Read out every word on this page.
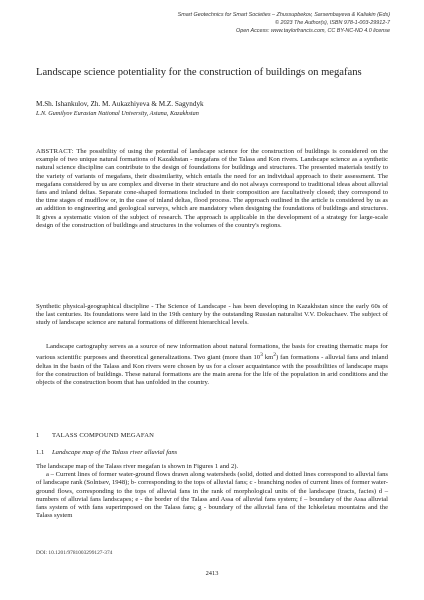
Smart Geotechnics for Smart Societies – Zhussupbekov, Sarsembayeva & Kaliakin (Eds)
© 2023 The Author(s), ISBN 978-1-003-29912-7
Open Access: www.taylorfrancis.com, CC BY-NC-ND 4.0 license
Landscape science potentiality for the construction of buildings on megafans
M.Sh. Ishankulov, Zh. M. Aukazhiyeva & M.Z. Sagyndyk
L.N. Gumilyov Eurasian National University, Astana, Kazakhstan
ABSTRACT: The possibility of using the potential of landscape science for the construction of buildings is considered on the example of two unique natural formations of Kazakhstan - megafans of the Talass and Kon rivers. Landscape science as a synthetic natural science discipline can contribute to the design of foundations for buildings and structures. The presented materials testify to the variety of variants of megafans, their dissimilarity, which entails the need for an individual approach to their assessment. The megafans considered by us are complex and diverse in their structure and do not always correspond to traditional ideas about alluvial fans and inland deltas. Separate cone-shaped formations included in their composition are facultatively closed; they correspond to the time stages of mudflow or, in the case of inland deltas, flood process. The approach outlined in the article is considered by us as an addition to engineering and geological surveys, which are mandatory when designing the foundations of buildings and structures. It gives a systematic vision of the subject of research. The approach is applicable in the development of a strategy for large-scale design of the construction of buildings and structures in the volumes of the country's regions.

Synthetic physical-geographical discipline - The Science of Landscape - has been developing in Kazakhstan since the early 60s of the last centuries. Its foundations were laid in the 19th century by the outstanding Russian naturalist V.V. Dokuchaev. The subject of study of landscape science are natural formations of different hierarchical levels.

Landscape cartography serves as a source of new information about natural formations, the basis for creating thematic maps for various scientific purposes and theoretical generalizations. Two giant (more than $10^3$ $km^2$) fan formations - alluvial fans and inland deltas in the basin of the Talass and Kon rivers were chosen by us for a closer acquaintance with the possibilities of landscape maps for the construction of buildings. These natural formations are the main arena for the life of the population in arid conditions and the objects of the construction boom that has unfolded in the country.

1 TALASS COMPOUND MEGAFAN
1.1 Landscape map of the Talass river alluvial fans

The landscape map of the Talass river megafan is shown in Figures 1 and 2).

a – Current lines of former water-ground flows drawn along watersheds (solid, dotted and dotted lines correspond to alluvial fans of landscape rank (Solntsev, 1948); b- corresponding to the tops of alluvial fans; c - branching nodes of current lines of former water-ground flows, corresponding to the tops of alluvial fans in the rank of morphological units of the landscape (tracts, facies) d – numbers of alluvial fans landscapes; e - the border of the Talass and Assa of alluvial fans system; f – boundary of the Assa alluvial fans system of with fans superimposed on the Talass fans; g - boundary of the alluvial fans of the Ichkeletau mountains and the Talass system

DOI: 10.1201/9781003299127-374
2413
